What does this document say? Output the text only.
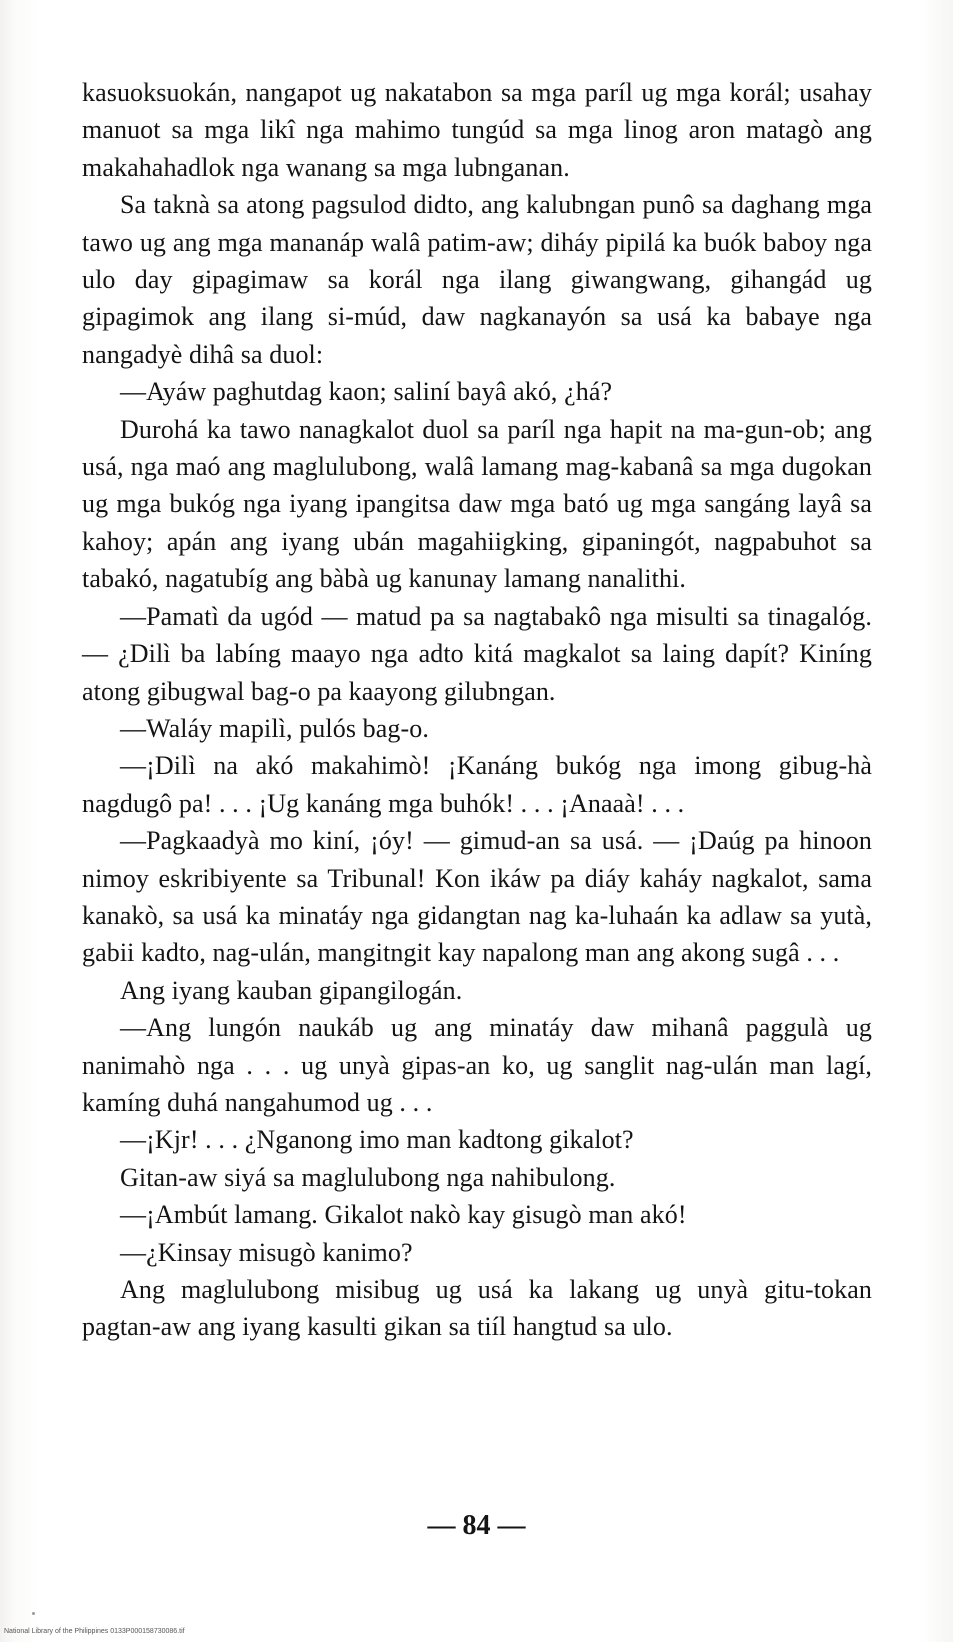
kasuoksuokán, nangapot ug nakatabon sa mga paríl ug mga korál; usahay manuot sa mga likî nga mahimo tungúd sa mga linog aron matagò ang makahahadlok nga wanang sa mga lubnganan.

Sa taknà sa atong pagsulod didto, ang kalubngan punô sa daghang mga tawo ug ang mga mananáp walâ patim-aw; diháy pipilá ka buók baboy nga ulo day gipagimaw sa korál nga ilang giwangwang, gihangád ug gipagimok ang ilang si-múd, daw nagkanayón sa usá ka babaye nga nangadyè dihâ sa duol:

—Ayáw paghutdag kaon; saliní bayâ akó, ¿há?

Durohá ka tawo nanagkalot duol sa paríl nga hapit na ma-gun-ob; ang usá, nga maó ang maglulubong, walâ lamang mag-kabanâ sa mga dugokan ug mga bukóg nga iyang ipangitsa daw mga bató ug mga sangáng layâ sa kahoy; apán ang iyang ubán magahiigking, gipaningót, nagpabuhot sa tabakó, nagatubíg ang bàbà ug kanunay lamang nanalithi.

—Pamatì da ugód — matud pa sa nagtabakô nga misulti sa tinagalóg. — ¿Dilì ba labíng maayo nga adto kitá magkalot sa laing dapít? Kiníng atong gibugwal bag-o pa kaayong gilubngan.

—Waláy mapilì, pulós bag-o.

—¡Dilì na akó makahimò! ¡Kanáng bukóg nga imong gibug-hà nagdugô pa! . . . ¡Ug kanáng mga buhók! . . . ¡Anaaà! . . .

—Pagkaadyà mo kiní, ¡óy! — gimud-an sa usá. — ¡Daúg pa hinoon nimoy eskribiyente sa Tribunal! Kon ikáw pa diáy kaháy nagkalot, sama kanakò, sa usá ka minatáy nga gidangtan nag ka-luhaán ka adlaw sa yutà, gabii kadto, nag-ulán, mangitngit kay napalong man ang akong sugâ . . .

Ang iyang kauban gipangilogán.

—Ang lungón naukáb ug ang minatáy daw mihanâ paggulà ug nanimahò nga . . . ug unyà gipas-an ko, ug sanglit nag-ulán man lagí, kamíng duhá nangahumod ug . . .

—¡Kjr! . . . ¿Nganong imo man kadtong gikalot?

Gitan-aw siyá sa maglulubong nga nahibulong.

—¡Ambút lamang. Gikalot nakò kay gisugò man akó!

—¿Kinsay misugò kanimo?

Ang maglulubong misibug ug usá ka lakang ug unyà gitu-tokan pagtan-aw ang iyang kasulti gikan sa tiíl hangtud sa ulo.

— 84 —
National Library of the Philippines 0133P000158730086.tif
